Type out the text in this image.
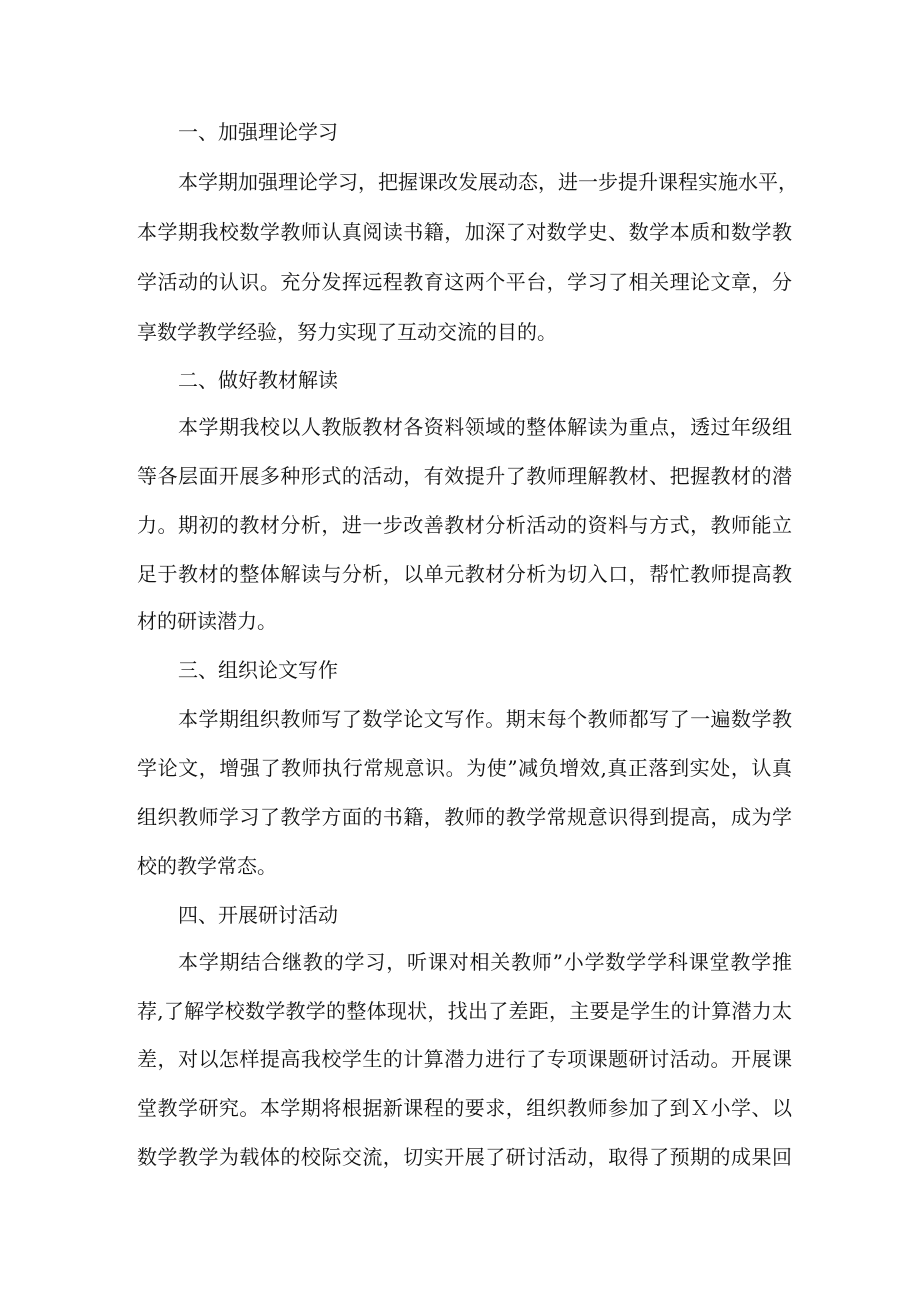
一、加强理论学习
本学期加强理论学习，把握课改发展动态，进一步提升课程实施水平，
本学期我校数学教师认真阅读书籍，加深了对数学史、数学本质和数学教
学活动的认识。充分发挥远程教育这两个平台，学习了相关理论文章，分
享数学教学经验，努力实现了互动交流的目的。
二、做好教材解读
本学期我校以人教版教材各资料领域的整体解读为重点，透过年级组
等各层面开展多种形式的活动，有效提升了教师理解教材、把握教材的潜
力。期初的教材分析，进一步改善教材分析活动的资料与方式，教师能立
足于教材的整体解读与分析，以单元教材分析为切入口，帮忙教师提高教
材的研读潜力。
三、组织论文写作
本学期组织教师写了数学论文写作。期末每个教师都写了一遍数学教
学论文，增强了教师执行常规意识。为使”减负增效,真正落到实处，认真
组织教师学习了教学方面的书籍，教师的教学常规意识得到提高，成为学
校的教学常态。
四、开展研讨活动
本学期结合继教的学习，听课对相关教师”小学数学学科课堂教学推
荐,了解学校数学教学的整体现状，找出了差距，主要是学生的计算潜力太
差，对以怎样提高我校学生的计算潜力进行了专项课题研讨活动。开展课
堂教学研究。本学期将根据新课程的要求，组织教师参加了到Ｘ小学、以
数学教学为载体的校际交流，切实开展了研讨活动，取得了预期的成果回
